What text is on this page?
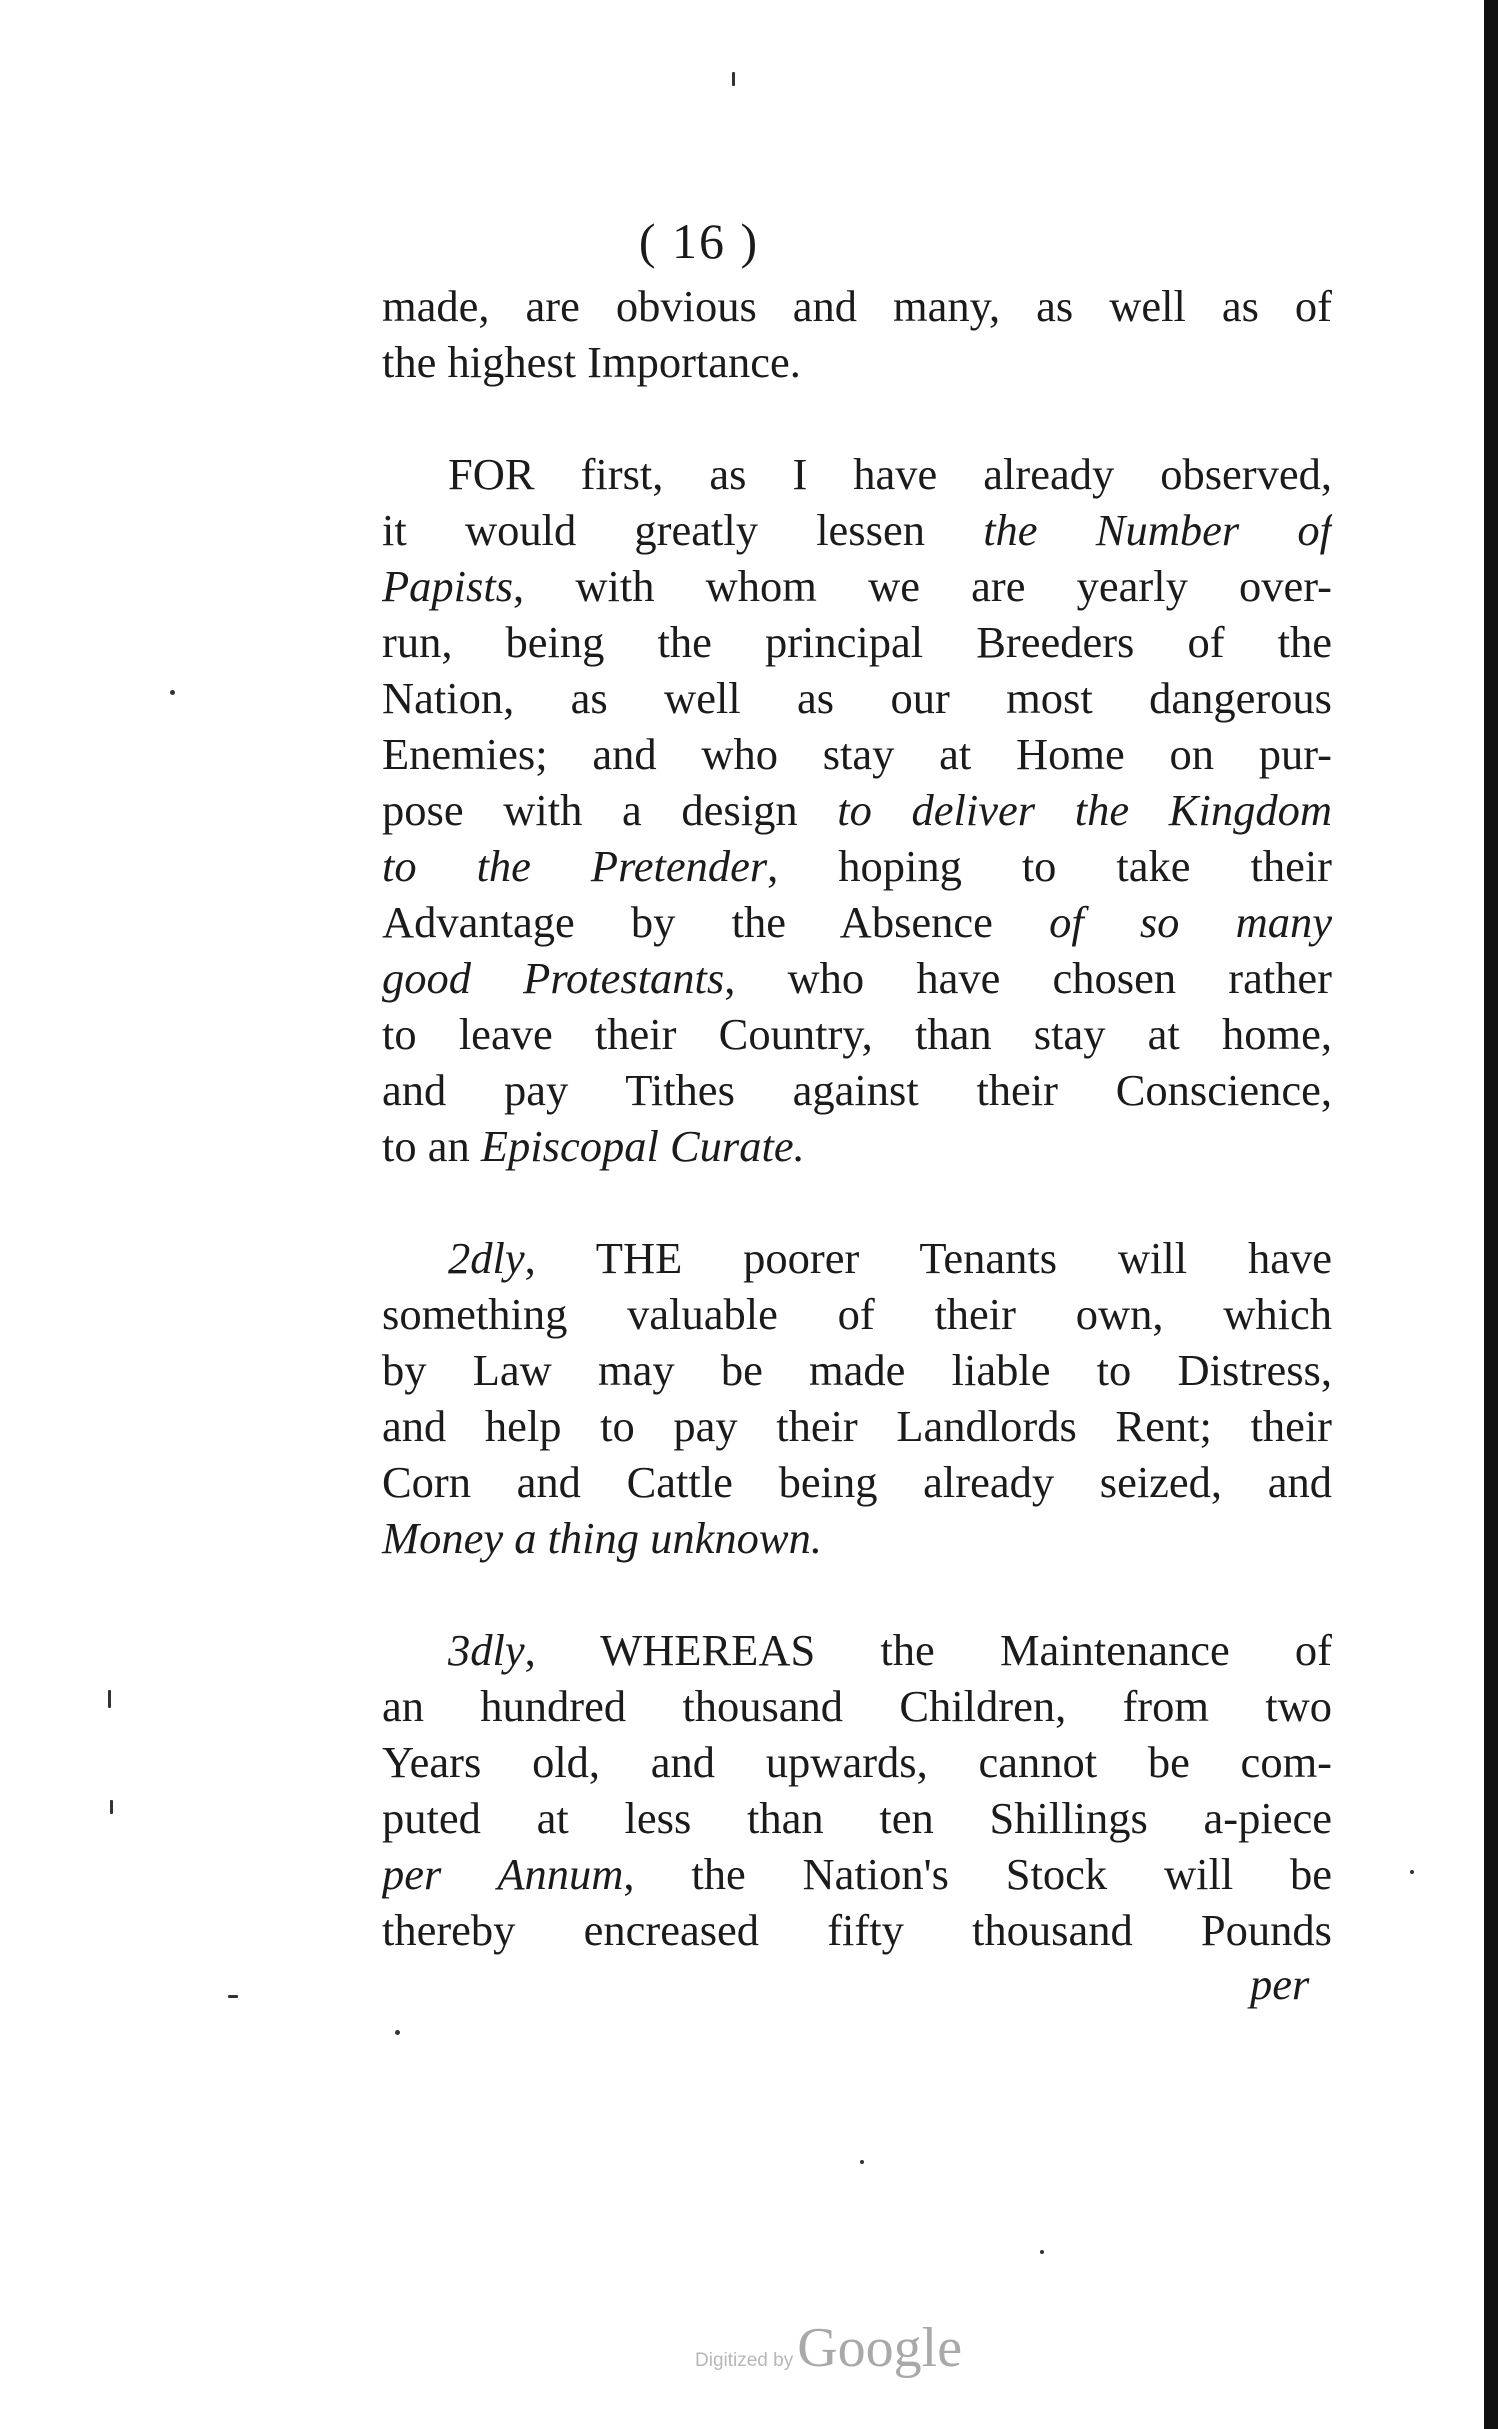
( 16 )
made, are obvious and many, as well as of
the highest Importance.
FOR first, as I have already observed,
it would greatly lessen the Number of
Papists, with whom we are yearly over-
run, being the principal Breeders of the
Nation, as well as our most dangerous
Enemies; and who stay at Home on pur-
pose with a design to deliver the Kingdom
to the Pretender, hoping to take their
Advantage by the Absence of so many
good Protestants, who have chosen rather
to leave their Country, than stay at home,
and pay Tithes against their Conscience,
to an Episcopal Curate.
2dly, THE poorer Tenants will have
something valuable of their own, which
by Law may be made liable to Distress,
and help to pay their Landlords Rent; their
Corn and Cattle being already seized, and
Money a thing unknown.
3dly, WHEREAS the Maintenance of
an hundred thousand Children, from two
Years old, and upwards, cannot be com-
puted at less than ten Shillings a-piece
per Annum, the Nation's Stock will be
thereby encreased fifty thousand Pounds
per
Digitized byGoogle
